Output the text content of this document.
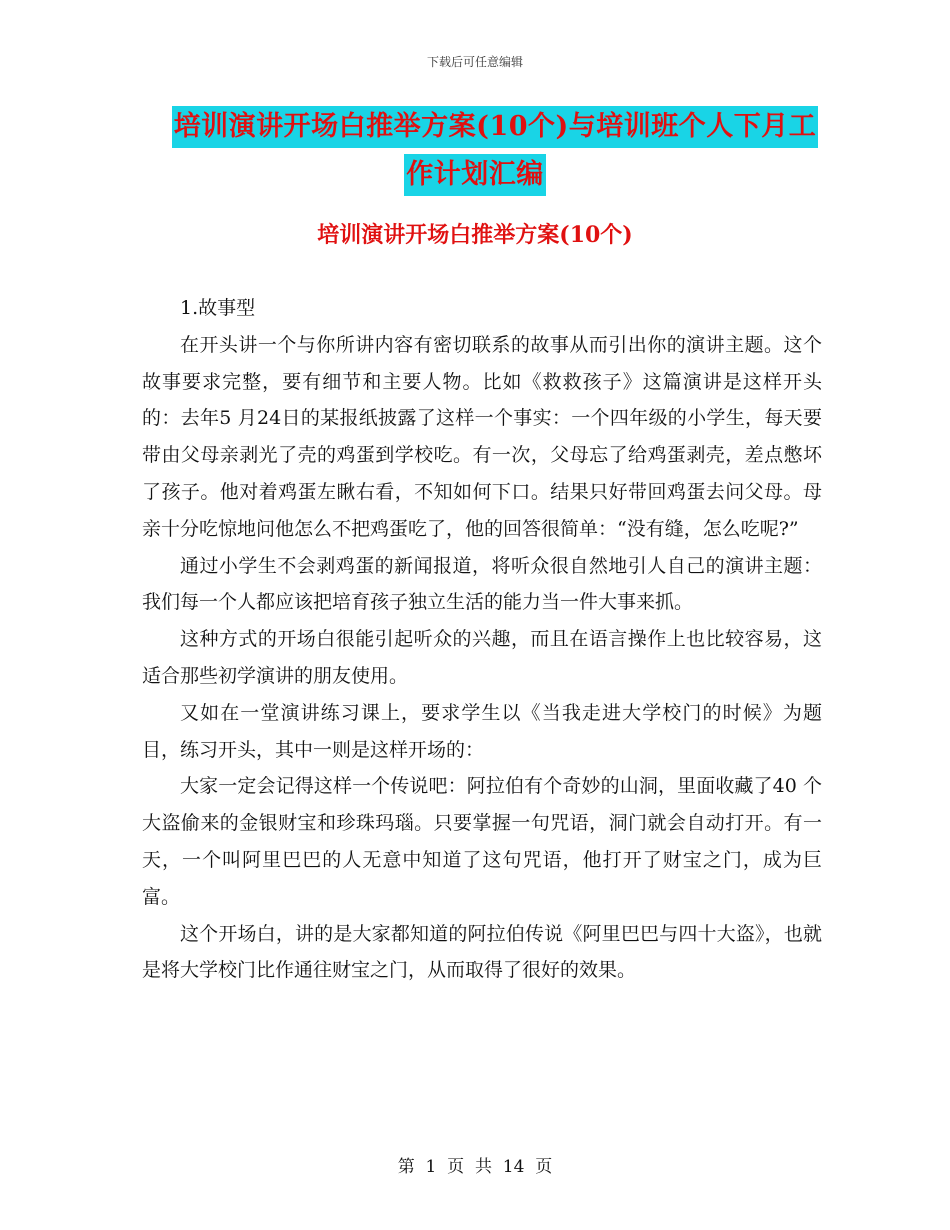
下载后可任意编辑
培训演讲开场白推举方案(10个)与培训班个人下月工
作计划汇编
培训演讲开场白推举方案(10个)

1.故事型

在开头讲一个与你所讲内容有密切联系的故事从而引出你的演讲主题。这个故事要求完整，要有细节和主要人物。比如《救救孩子》这篇演讲是这样开头的：去年5 月24日的某报纸披露了这样一个事实：一个四年级的小学生，每天要带由父母亲剥光了壳的鸡蛋到学校吃。有一次，父母忘了给鸡蛋剥壳，差点憋坏了孩子。他对着鸡蛋左瞅右看，不知如何下口。结果只好带回鸡蛋去问父母。母亲十分吃惊地问他怎么不把鸡蛋吃了，他的回答很简单：“没有缝，怎么吃呢?”

通过小学生不会剥鸡蛋的新闻报道，将听众很自然地引人自己的演讲主题：我们每一个人都应该把培育孩子独立生活的能力当一件大事来抓。

这种方式的开场白很能引起听众的兴趣，而且在语言操作上也比较容易，这适合那些初学演讲的朋友使用。

又如在一堂演讲练习课上，要求学生以《当我走进大学校门的时候》为题目，练习开头，其中一则是这样开场的：

大家一定会记得这样一个传说吧：阿拉伯有个奇妙的山洞，里面收藏了40 个大盗偷来的金银财宝和珍珠玛瑙。只要掌握一句咒语，洞门就会自动打开。有一天，一个叫阿里巴巴的人无意中知道了这句咒语，他打开了财宝之门，成为巨富。

这个开场白，讲的是大家都知道的阿拉伯传说《阿里巴巴与四十大盗》，也就是将大学校门比作通往财宝之门，从而取得了很好的效果。

第  1  页  共  14  页
